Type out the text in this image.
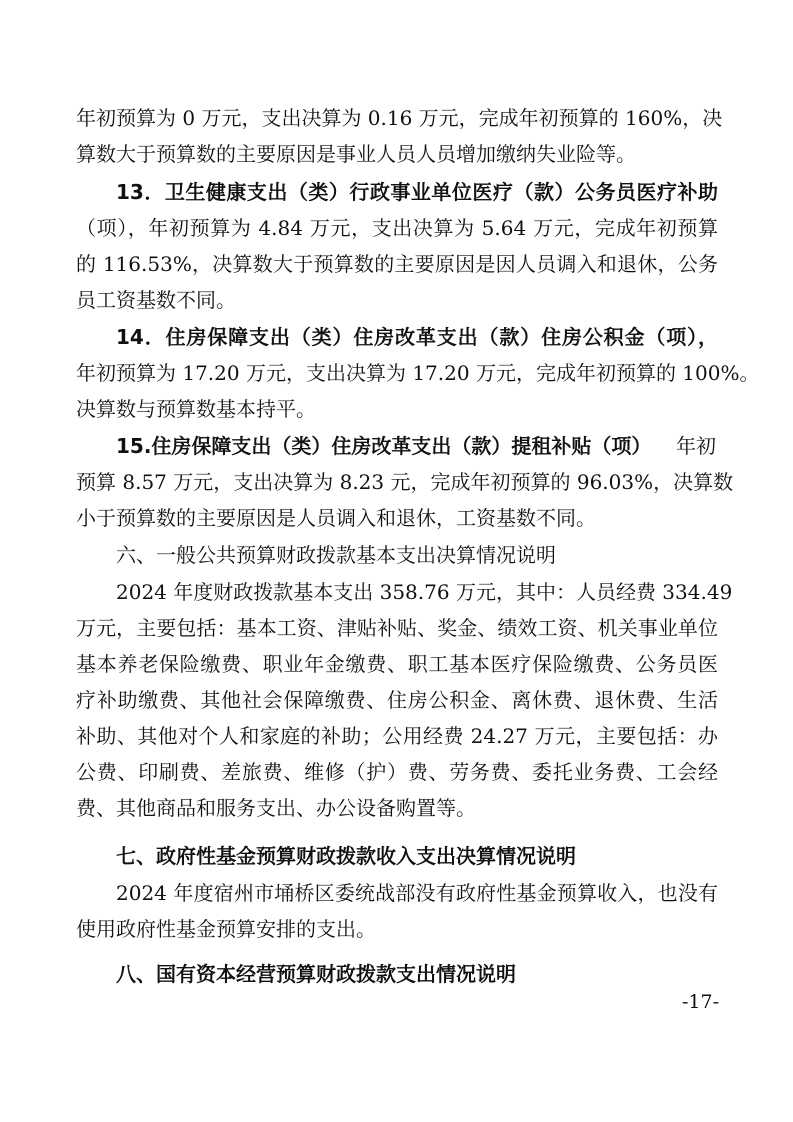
年初预算为 0 万元，支出决算为 0.16 万元，完成年初预算的 160%，决
算数大于预算数的主要原因是事业人员人员增加缴纳失业险等。
13．卫生健康支出（类）行政事业单位医疗（款）公务员医疗补助
（项），年初预算为 4.84 万元，支出决算为 5.64 万元，完成年初预算
的 116.53%，决算数大于预算数的主要原因是因人员调入和退休，公务
员工资基数不同。
14．住房保障支出（类）住房改革支出（款）住房公积金（项），
年初预算为 17.20 万元，支出决算为 17.20 万元，完成年初预算的 100%。
决算数与预算数基本持平。
15.住房保障支出（类）住房改革支出（款）提租补贴（项）	年初
预算 8.57 万元，支出决算为 8.23 元，完成年初预算的 96.03%，决算数
小于预算数的主要原因是人员调入和退休，工资基数不同。
六、一般公共预算财政拨款基本支出决算情况说明
2024 年度财政拨款基本支出 358.76 万元，其中：人员经费 334.49
万元，主要包括：基本工资、津贴补贴、奖金、绩效工资、机关事业单位
基本养老保险缴费、职业年金缴费、职工基本医疗保险缴费、公务员医
疗补助缴费、其他社会保障缴费、住房公积金、离休费、退休费、生活
补助、其他对个人和家庭的补助；公用经费 24.27 万元，主要包括：办
公费、印刷费、差旅费、维修（护）费、劳务费、委托业务费、工会经
费、其他商品和服务支出、办公设备购置等。
七、政府性基金预算财政拨款收入支出决算情况说明
2024 年度宿州市埇桥区委统战部没有政府性基金预算收入，也没有
使用政府性基金预算安排的支出。
八、国有资本经营预算财政拨款支出情况说明
-17-
